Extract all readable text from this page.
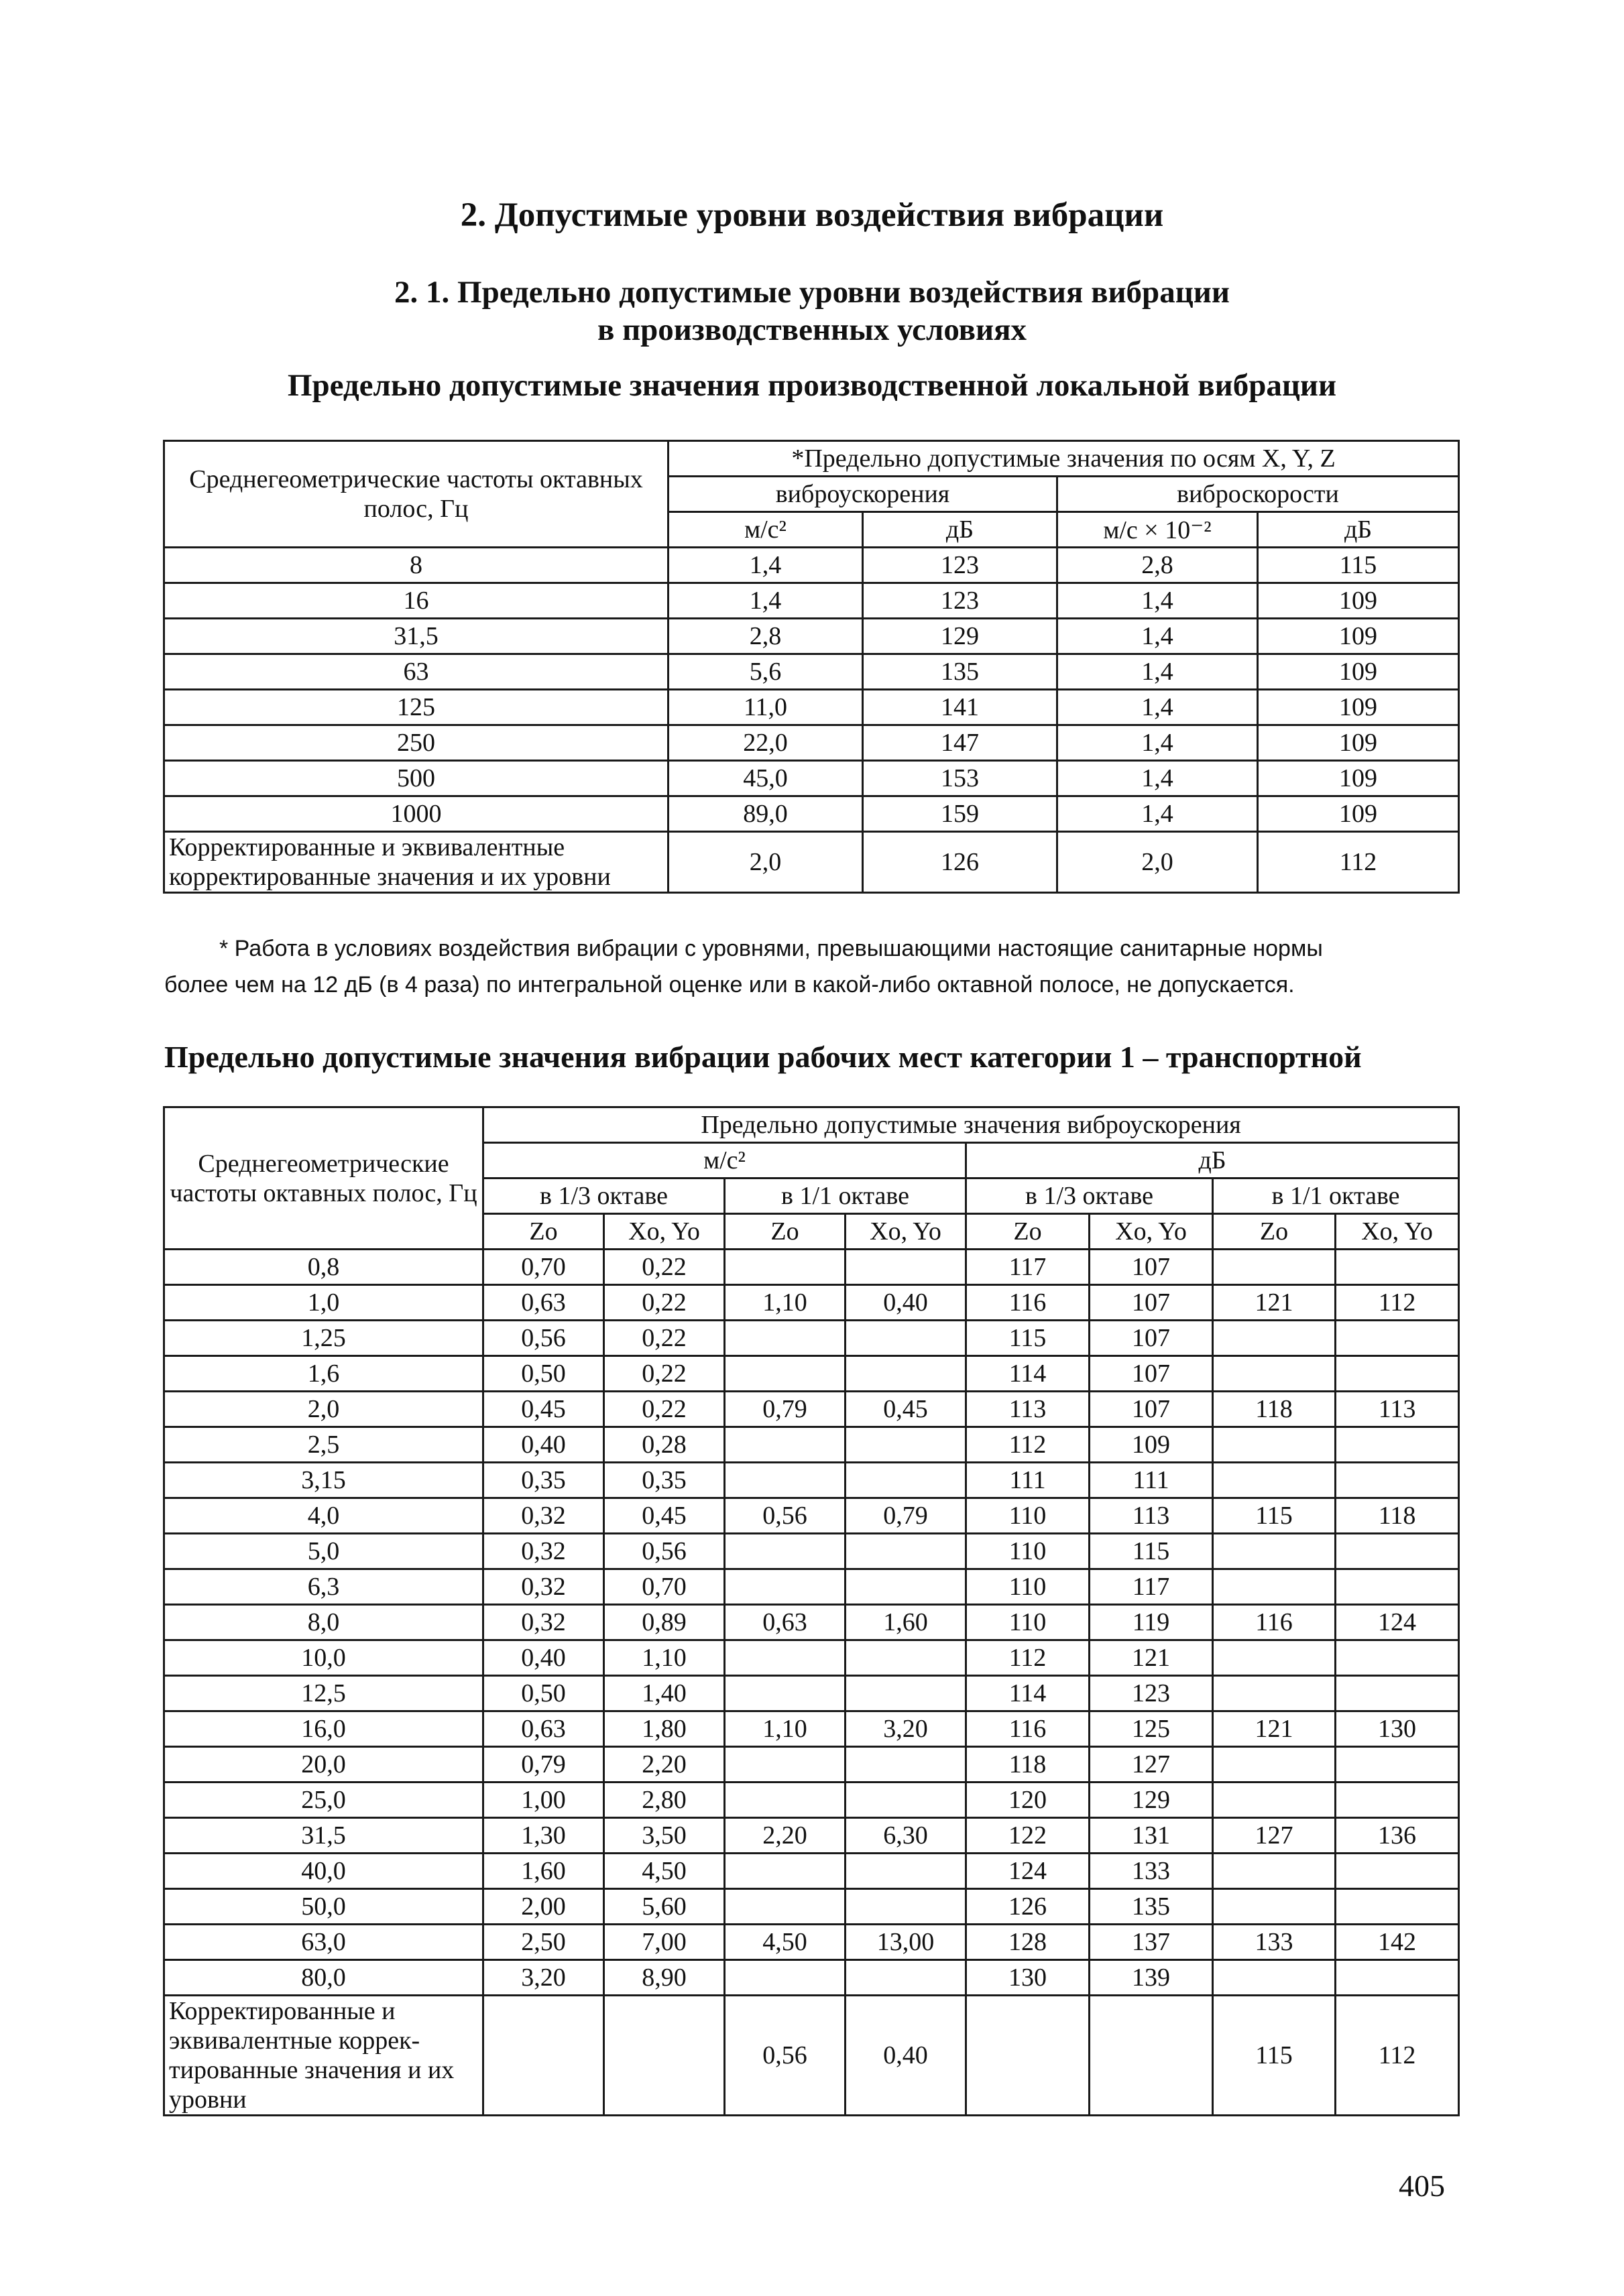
2. Допустимые уровни воздействия вибрации

2. 1. Предельно допустимые уровни воздействия вибрации
в производственных условиях

Предельно допустимые значения производственной локальной вибрации

Среднегеометрические частоты октавных полос, Гц	*Предельно допустимые значения по осям X, Y, Z			
	виброускорения		виброскорости	
	м/с²	дБ	м/с × 10⁻²	дБ
8	1,4	123	2,8	115
16	1,4	123	1,4	109
31,5	2,8	129	1,4	109
63	5,6	135	1,4	109
125	11,0	141	1,4	109
250	22,0	147	1,4	109
500	45,0	153	1,4	109
1000	89,0	159	1,4	109
Корректированные и эквивалентные корректированные значения и их уровни	2,0	126	2,0	112
* Работа в условиях воздействия вибрации с уровнями, превышающими настоящие санитарные нормы
более чем на 12 дБ (в 4 раза) по интегральной оценке или в какой-либо октавной полосе, не допускается.

Предельно допустимые значения вибрации рабочих мест категории 1 – транспортной

Среднегеометрические частоты октавных полос, Гц	Предельно допустимые значения виброускорения							
	м/с²				дБ			
	в 1/3 октаве		в 1/1 октаве		в 1/3 октаве		в 1/1 октаве	
	Zo	Xo, Yo	Zo	Xo, Yo	Zo	Xo, Yo	Zo	Xo, Yo
0,8	0,70	0,22			117	107		
1,0	0,63	0,22	1,10	0,40	116	107	121	112
1,25	0,56	0,22			115	107		
1,6	0,50	0,22			114	107		
2,0	0,45	0,22	0,79	0,45	113	107	118	113
2,5	0,40	0,28			112	109		
3,15	0,35	0,35			111	111		
4,0	0,32	0,45	0,56	0,79	110	113	115	118
5,0	0,32	0,56			110	115		
6,3	0,32	0,70			110	117		
8,0	0,32	0,89	0,63	1,60	110	119	116	124
10,0	0,40	1,10			112	121		
12,5	0,50	1,40			114	123		
16,0	0,63	1,80	1,10	3,20	116	125	121	130
20,0	0,79	2,20			118	127		
25,0	1,00	2,80			120	129		
31,5	1,30	3,50	2,20	6,30	122	131	127	136
40,0	1,60	4,50			124	133		
50,0	2,00	5,60			126	135		
63,0	2,50	7,00	4,50	13,00	128	137	133	142
80,0	3,20	8,90			130	139		
Корректированные и эквивалентные коррек-тированные значения и их уровни			0,56	0,40			115	112

405
